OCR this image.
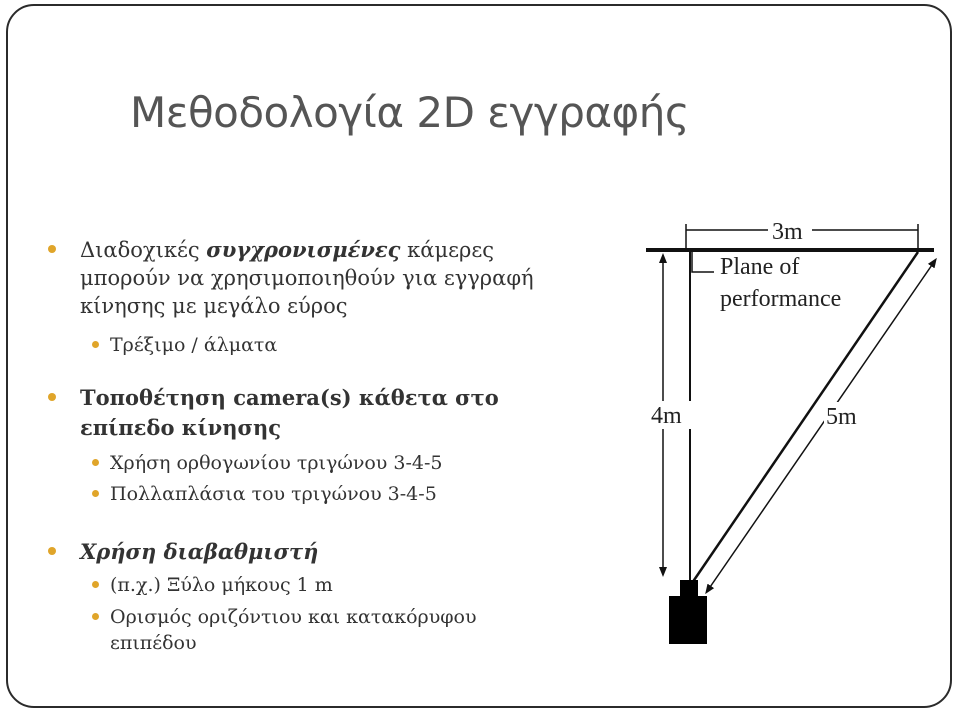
Μεθοδολογία 2D εγγραφής
Διαδοχικές συγχρονισμένες κάμερες
μπορούν να χρησιμοποιηθούν για εγγραφή
κίνησης με μεγάλο εύρος
Τρέξιμο / άλματα
Τοποθέτηση camera(s) κάθετα στο
επίπεδο κίνησης
Χρήση ορθογωνίου τριγώνου 3-4-5
Πολλαπλάσια του τριγώνου 3-4-5
Χρήση διαβαθμιστή
(π.χ.) Ξύλο μήκους 1 m
Ορισμός οριζόντιου και κατακόρυφου
επιπέδου
3m
Plane of
performance
4m	5m
